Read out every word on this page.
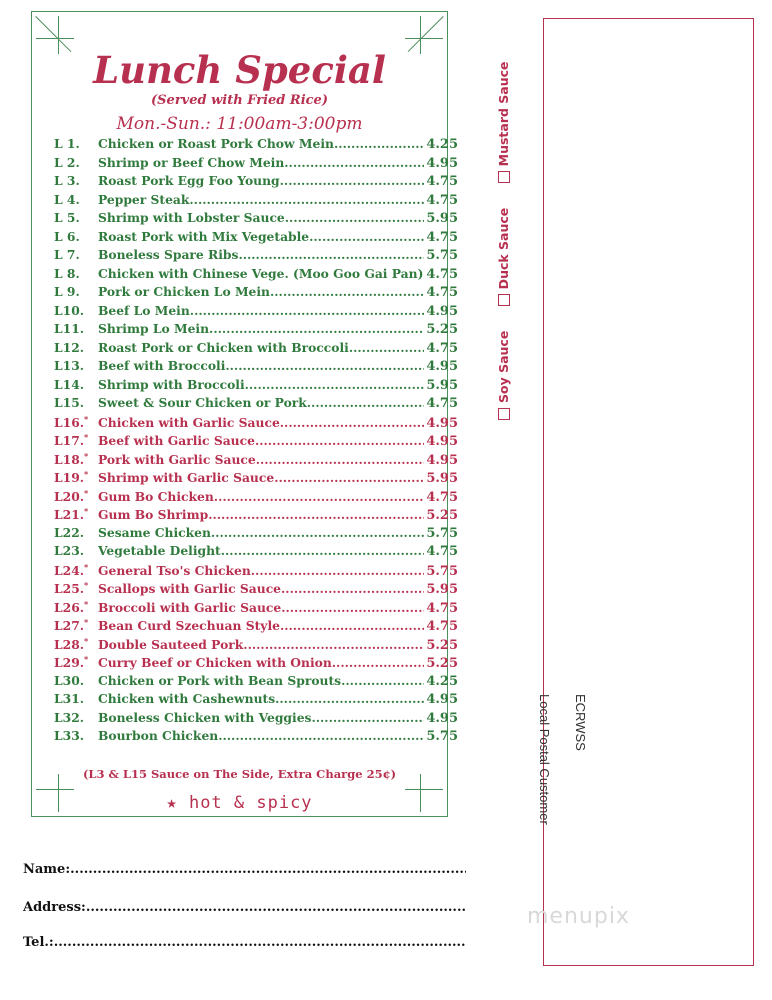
Lunch Special
(Served with Fried Rice)
Mon.-Sun.: 11:00am-3:00pm
(L3 & L15 Sauce on The Side, Extra Charge 25¢)
★ hot & spicy
L 1.	Chicken or Roast Pork Chow Mein .....	4.25
L 2.	Shrimp or Beef Chow Mein .....	4.95
L 3.	Roast Pork Egg Foo Young .....	4.75
L 4.	Pepper Steak .....	4.75
L 5.	Shrimp with Lobster Sauce .....	5.95
L 6.	Roast Pork with Mix Vegetable .....	4.75
L 7.	Boneless Spare Ribs .....	5.75
L 8.	Chicken with Chinese Vege. (Moo Goo Gai Pan) ..... 4.75
L 9.	Pork or Chicken Lo Mein .....	4.75
L10.	Beef Lo Mein .....	4.95
L11.	Shrimp Lo Mein .....	5.25
L12.	Roast Pork or Chicken with Broccoli .....	4.75
L13.	Beef with Broccoli .....	4.95
L14.	Shrimp with Broccoli .....	5.95
L15.	Sweet & Sour Chicken or Pork .....	4.75
L16.* Chicken with Garlic Sauce .....	4.95
L17.* Beef with Garlic Sauce .....	4.95
L18.* Pork with Garlic Sauce .....	4.95
L19.* Shrimp with Garlic Sauce .....	5.95
L20.* Gum Bo Chicken .....	4.75
L21.* Gum Bo Shrimp .....	5.25
L22.	Sesame Chicken .....	5.75
L23.	Vegetable Delight .....	4.75
L24.* General Tso's Chicken .....	5.75
L25.* Scallops with Garlic Sauce .....	5.95
L26.* Broccoli with Garlic Sauce .....	4.75
L27.* Bean Curd Szechuan Style .....	4.75
L28.* Double Sauteed Pork .....	5.25
L29.* Curry Beef or Chicken with Onion .....	5.25
L30.	Chicken or Pork with Bean Sprouts .....	4.25
L31.	Chicken with Cashewnuts .....	4.95
L32.	Boneless Chicken with Veggies .....	4.95
L33.	Bourbon Chicken .....	5.75
Name:
.....
Address:
.....
Tel.:
.....
Soy Sauce

Duck Sauce

Mustard Sauce
ECRWSS
Local Postal Customer
menupix
